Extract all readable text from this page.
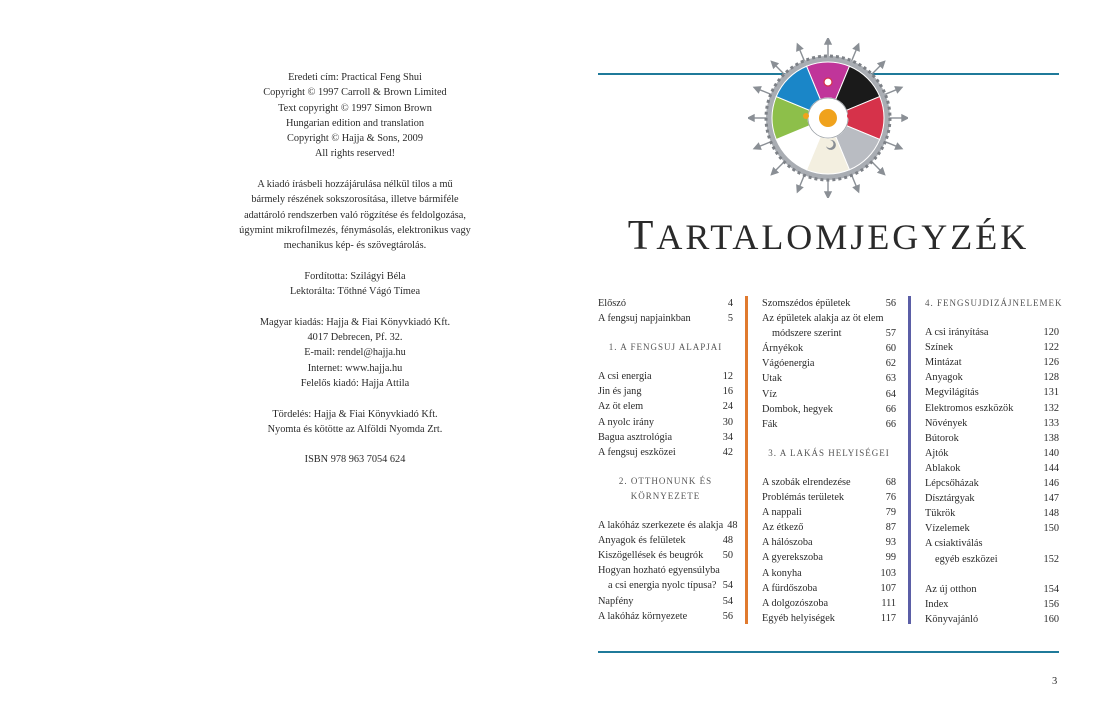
Eredeti cím: Practical Feng Shui
Copyright © 1997 Carroll & Brown Limited
Text copyright © 1997 Simon Brown
Hungarian edition and translation
Copyright © Hajja & Sons, 2009
All rights reserved!
A kiadó írásbeli hozzájárulása nélkül tilos a mű
bármely részének sokszorosítása, illetve bármiféle
adattároló rendszerben való rögzítése és feldolgozása,
úgymint mikrofilmezés, fénymásolás, elektronikus vagy
mechanikus kép- és szövegtárolás.
Fordította: Szilágyi Béla
Lektorálta: Tőthné Vágó Tímea
Magyar kiadás: Hajja & Fiai Könyvkiadó Kft.
4017 Debrecen, Pf. 32.
E-mail: rendel@hajja.hu
Internet: www.hajja.hu
Felelős kiadó: Hajja Attila
Tördelés: Hajja & Fiai Könyvkiadó Kft.
Nyomta és kötötte az Alföldi Nyomda Zrt.
ISBN 978 963 7054 624
TARTALOMJEGYZÉK
Előszó	4
A fengsuj napjainkban	5
1. A FENGSUJ ALAPJAI
A csi energia	12
Jin és jang	16
Az öt elem	24
A nyolc irány	30
Bagua asztrológia	34
A fengsuj eszközei	42
2. OTTHONUNK ÉS
KÖRNYEZETE
A lakóház szerkezete és alakja 48
Anyagok és felületek	48
Kiszögellések és beugrók	50
Hogyan hozható egyensúlyba
a csi energia nyolc típusa? 54
Napfény	54
A lakóház környezete	56
Szomszédos épületek	56
Az épületek alakja az öt elem
módszere szerint	57
Árnyékok	60
Vágóenergia	62
Utak	63
Víz	64
Dombok, hegyek	66
Fák	66
3. A LAKÁS HELYISÉGEI
A szobák elrendezése	68
Problémás területek	76
A nappali	79
Az étkező	87
A hálószoba	93
A gyerekszoba	99
A konyha	103
A fürdőszoba	107
A dolgozószoba	111
Egyéb helyiségek	117
4. FENGSUJDIZÁJNELEMEK
A csi irányítása	120
Színek	122
Mintázat	126
Anyagok	128
Megvilágítás	131
Elektromos eszközök	132
Növények	133
Bútorok	138
Ajtók	140
Ablakok	144
Lépcsőházak	146
Dísztárgyak	147
Tükrök	148
Vízelemek	150
A csiaktiválás
egyéb eszközei	152
Az új otthon	154
Index	156
Könyvajánló	160
3
